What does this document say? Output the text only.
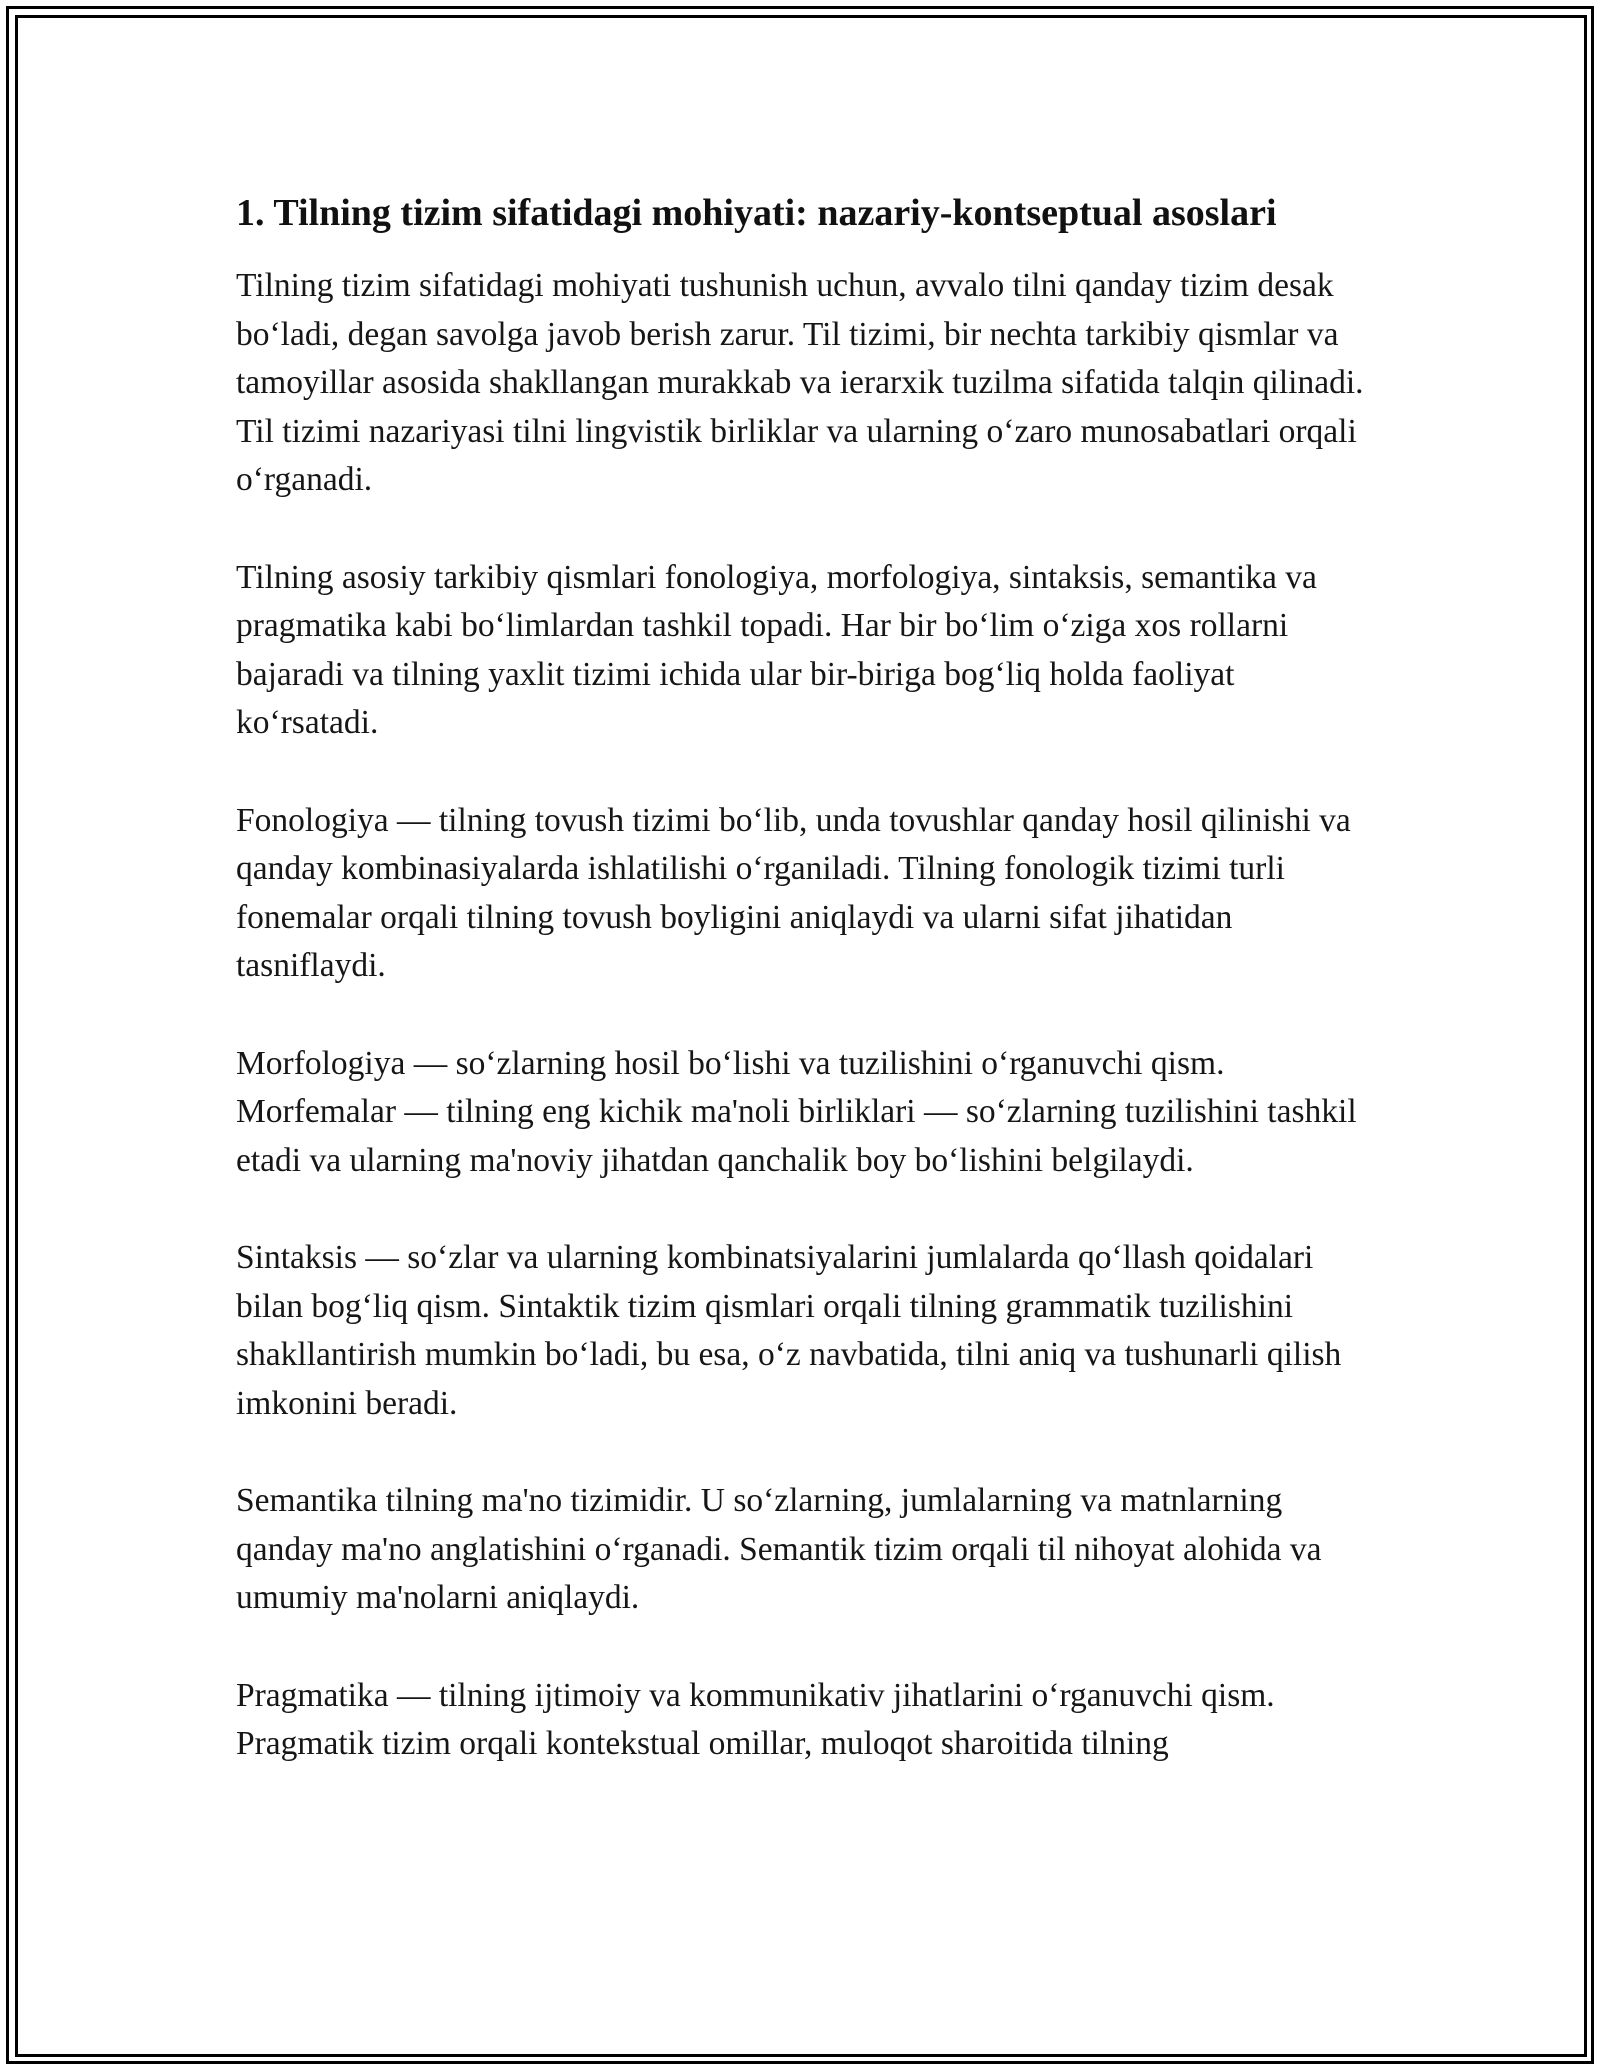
1. Tilning tizim sifatidagi mohiyati: nazariy-kontseptual asoslari

Tilning tizim sifatidagi mohiyati tushunish uchun, avvalo tilni qanday tizim desak bo‘ladi, degan savolga javob berish zarur. Til tizimi, bir nechta tarkibiy qismlar va tamoyillar asosida shakllangan murakkab va ierarxik tuzilma sifatida talqin qilinadi. Til tizimi nazariyasi tilni lingvistik birliklar va ularning o‘zaro munosabatlari orqali o‘rganadi.

Tilning asosiy tarkibiy qismlari fonologiya, morfologiya, sintaksis, semantika va pragmatika kabi bo‘limlardan tashkil topadi. Har bir bo‘lim o‘ziga xos rollarni bajaradi va tilning yaxlit tizimi ichida ular bir-biriga bog‘liq holda faoliyat ko‘rsatadi.

Fonologiya — tilning tovush tizimi bo‘lib, unda tovushlar qanday hosil qilinishi va qanday kombinasiyalarda ishlatilishi o‘rganiladi. Tilning fonologik tizimi turli fonemalar orqali tilning tovush boyligini aniqlaydi va ularni sifat jihatidan tasniflaydi.

Morfologiya — so‘zlarning hosil bo‘lishi va tuzilishini o‘rganuvchi qism. Morfemalar — tilning eng kichik ma'noli birliklari — so‘zlarning tuzilishini tashkil etadi va ularning ma'noviy jihatdan qanchalik boy bo‘lishini belgilaydi.

Sintaksis — so‘zlar va ularning kombinatsiyalarini jumlalarda qo‘llash qoidalari bilan bog‘liq qism. Sintaktik tizim qismlari orqali tilning grammatik tuzilishini shakllantirish mumkin bo‘ladi, bu esa, o‘z navbatida, tilni aniq va tushunarli qilish imkonini beradi.

Semantika tilning ma'no tizimidir. U so‘zlarning, jumlalarning va matnlarning qanday ma'no anglatishini o‘rganadi. Semantik tizim orqali til nihoyat alohida va umumiy ma'nolarni aniqlaydi.

Pragmatika — tilning ijtimoiy va kommunikativ jihatlarini o‘rganuvchi qism. Pragmatik tizim orqali kontekstual omillar, muloqot sharoitida tilning
